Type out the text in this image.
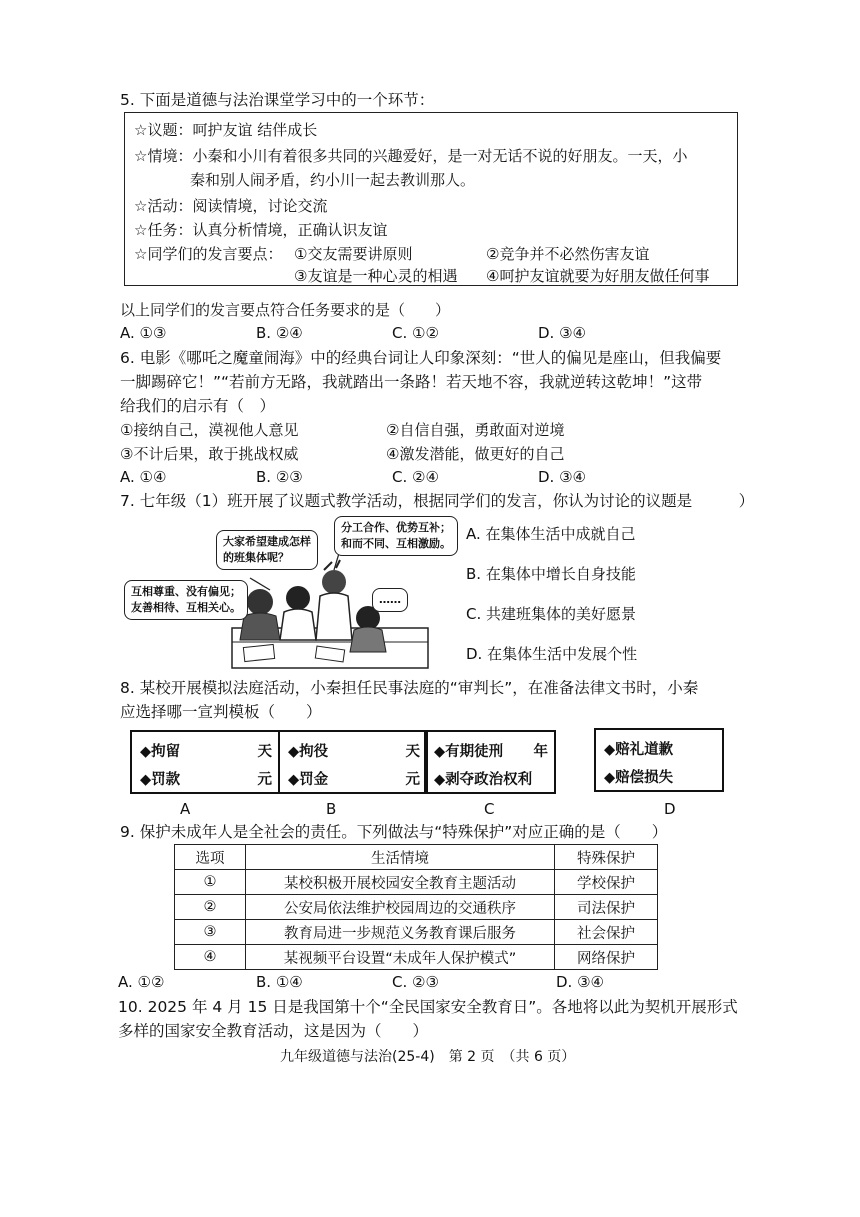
5. 下面是道德与法治课堂学习中的一个环节：
☆议题：呵护友谊 结伴成长
☆情境：小秦和小川有着很多共同的兴趣爱好，是一对无话不说的好朋友。一天，小
秦和别人闹矛盾，约小川一起去教训那人。
☆活动：阅读情境，讨论交流
☆任务：认真分析情境，正确认识友谊
☆同学们的发言要点： ①交友需要讲原则	②竞争并不必然伤害友谊
③友谊是一种心灵的相遇 ④呵护友谊就要为好朋友做任何事
以上同学们的发言要点符合任务要求的是（　　）
A. ①③	B. ②④	C. ①②	D. ③④
6. 电影《哪吒之魔童闹海》中的经典台词让人印象深刻：“世人的偏见是座山，但我偏要
一脚踢碎它！”“若前方无路，我就踏出一条路！若天地不容，我就逆转这乾坤！”这带
给我们的启示有（　）
①接纳自己，漠视他人意见	②自信自强，勇敢面对逆境
③不计后果，敢于挑战权威	④激发潜能，做更好的自己
A. ①④	B. ②③	C. ②④	D. ③④
7. 七年级（1）班开展了议题式教学活动，根据同学们的发言，你认为讨论的议题是　　　）
大家希望建成怎样
的班集体呢？
分工合作、优势互补；
和而不同、互相激励。
互相尊重、没有偏见；
友善相待、互相关心。
……
A. 在集体生活中成就自己
B. 在集体中增长自身技能
C. 共建班集体的美好愿景
D. 在集体生活中发展个性
8. 某校开展模拟法庭活动，小秦担任民事法庭的“审判长”，在准备法律文书时，小秦
应选择哪一宣判模板（　　）
◆拘留	天
◆罚款	元
◆拘役	天
◆罚金	元
◆有期徒刑 年
◆剥夺政治权利
◆赔礼道歉
◆赔偿损失
A	B	C	D
9. 保护未成年人是全社会的责任。下列做法与“特殊保护”对应正确的是（　　）
选项	生活情境	特殊保护
①	某校积极开展校园安全教育主题活动	学校保护
②	公安局依法维护校园周边的交通秩序	司法保护
③	教育局进一步规范义务教育课后服务	社会保护
④	某视频平台设置“未成年人保护模式”	网络保护
A. ①②	B. ①④	C. ②③	D. ③④
10. 2025 年 4 月 15 日是我国第十个“全民国家安全教育日”。各地将以此为契机开展形式
多样的国家安全教育活动，这是因为（　　）
九年级道德与法治(25-4)　第 2 页　（共 6 页）
